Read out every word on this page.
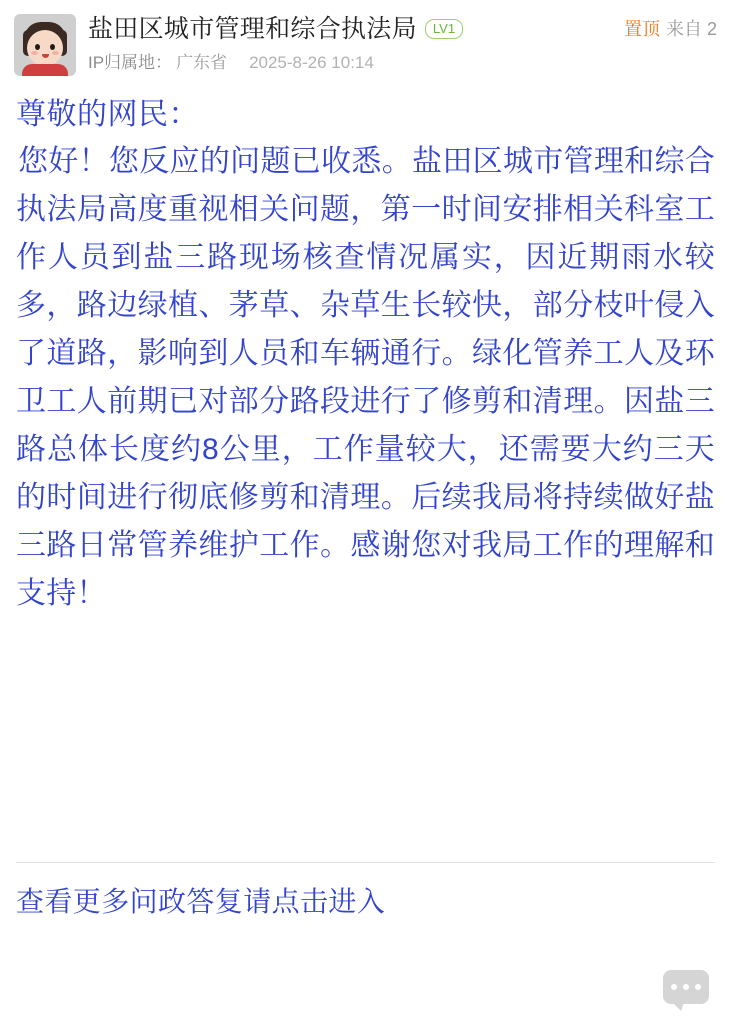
盐田区城市管理和综合执法局	LV1
IP归属地： 广东省 2025-8-26 10:14
置顶 来自 2
尊敬的网民：
您好！您反应的问题已收悉。盐田区城市管理和综合执法局高度重视相关问题，第一时间安排相关科室工作人员到盐三路现场核查情况属实，因近期雨水较多，路边绿植、茅草、杂草生长较快，部分枝叶侵入了道路，影响到人员和车辆通行。绿化管养工人及环卫工人前期已对部分路段进行了修剪和清理。因盐三路总体长度约8公里，工作量较大，还需要大约三天的时间进行彻底修剪和清理。后续我局将持续做好盐三路日常管养维护工作。感谢您对我局工作的理解和支持！
查看更多问政答复请点击进入
